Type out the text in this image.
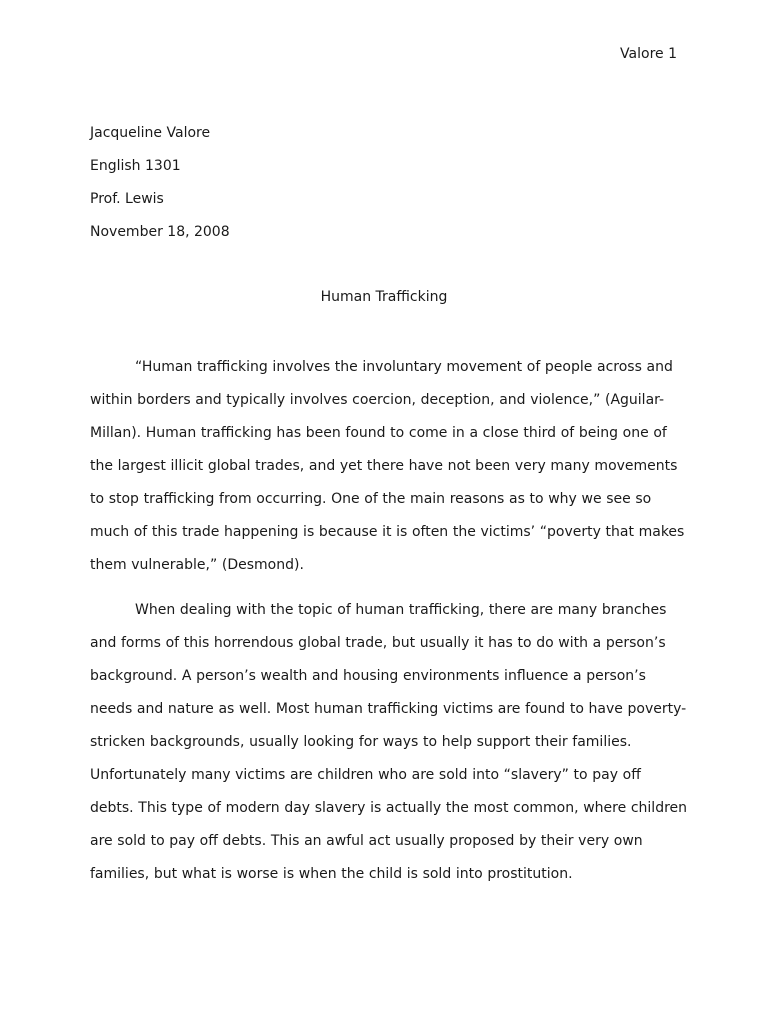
Valore 1
Jacqueline Valore
English 1301
Prof. Lewis
November 18, 2008
Human Trafficking
“Human trafficking involves the involuntary movement of people across and
within borders and typically involves coercion, deception, and violence,” (Aguilar-
Millan). Human trafficking has been found to come in a close third of being one of
the largest illicit global trades, and yet there have not been very many movements
to stop trafficking from occurring. One of the main reasons as to why we see so
much of this trade happening is because it is often the victims’ “poverty that makes
them vulnerable,” (Desmond).
When dealing with the topic of human trafficking, there are many branches
and forms of this horrendous global trade, but usually it has to do with a person’s
background. A person’s wealth and housing environments influence a person’s
needs and nature as well. Most human trafficking victims are found to have poverty-
stricken backgrounds, usually looking for ways to help support their families.
Unfortunately many victims are children who are sold into “slavery” to pay off
debts. This type of modern day slavery is actually the most common, where children
are sold to pay off debts. This an awful act usually proposed by their very own
families, but what is worse is when the child is sold into prostitution.
